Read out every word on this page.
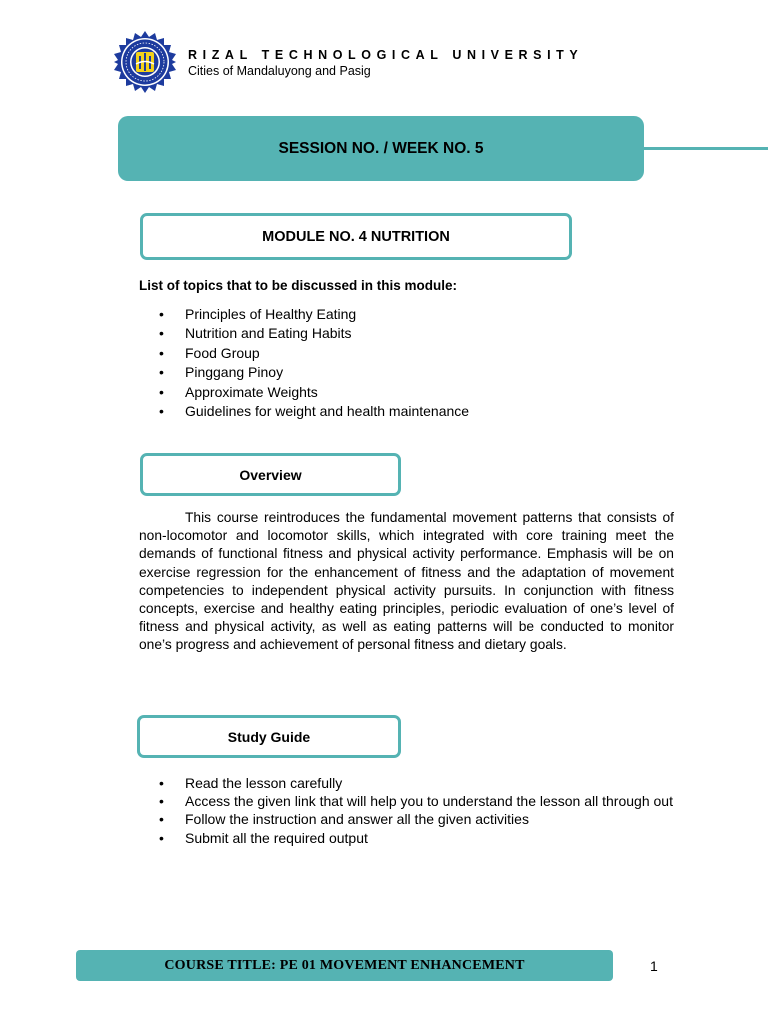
RIZAL TECHNOLOGICAL UNIVERSITY
Cities of Mandaluyong and Pasig
SESSION NO. / WEEK NO. 5
MODULE NO. 4 NUTRITION
List of topics that to be discussed in this module:
• Principles of Healthy Eating
• Nutrition and Eating Habits
• Food Group
• Pinggang Pinoy
• Approximate Weights
• Guidelines for weight and health maintenance
Overview

This course reintroduces the fundamental movement patterns that consists of non-locomotor and locomotor skills, which integrated with core training meet the demands of functional fitness and physical activity performance. Emphasis will be on exercise regression for the enhancement of fitness and the adaptation of movement competencies to independent physical activity pursuits. In conjunction with fitness concepts, exercise and healthy eating principles, periodic evaluation of one’s level of fitness and physical activity, as well as eating patterns will be conducted to monitor one’s progress and achievement of personal fitness and dietary goals.

Study Guide
• Read the lesson carefully
• Access the given link that will help you to understand the lesson all through out
• Follow the instruction and answer all the given activities
• Submit all the required output
COURSE TITLE: PE 01 MOVEMENT ENHANCEMENT	1
